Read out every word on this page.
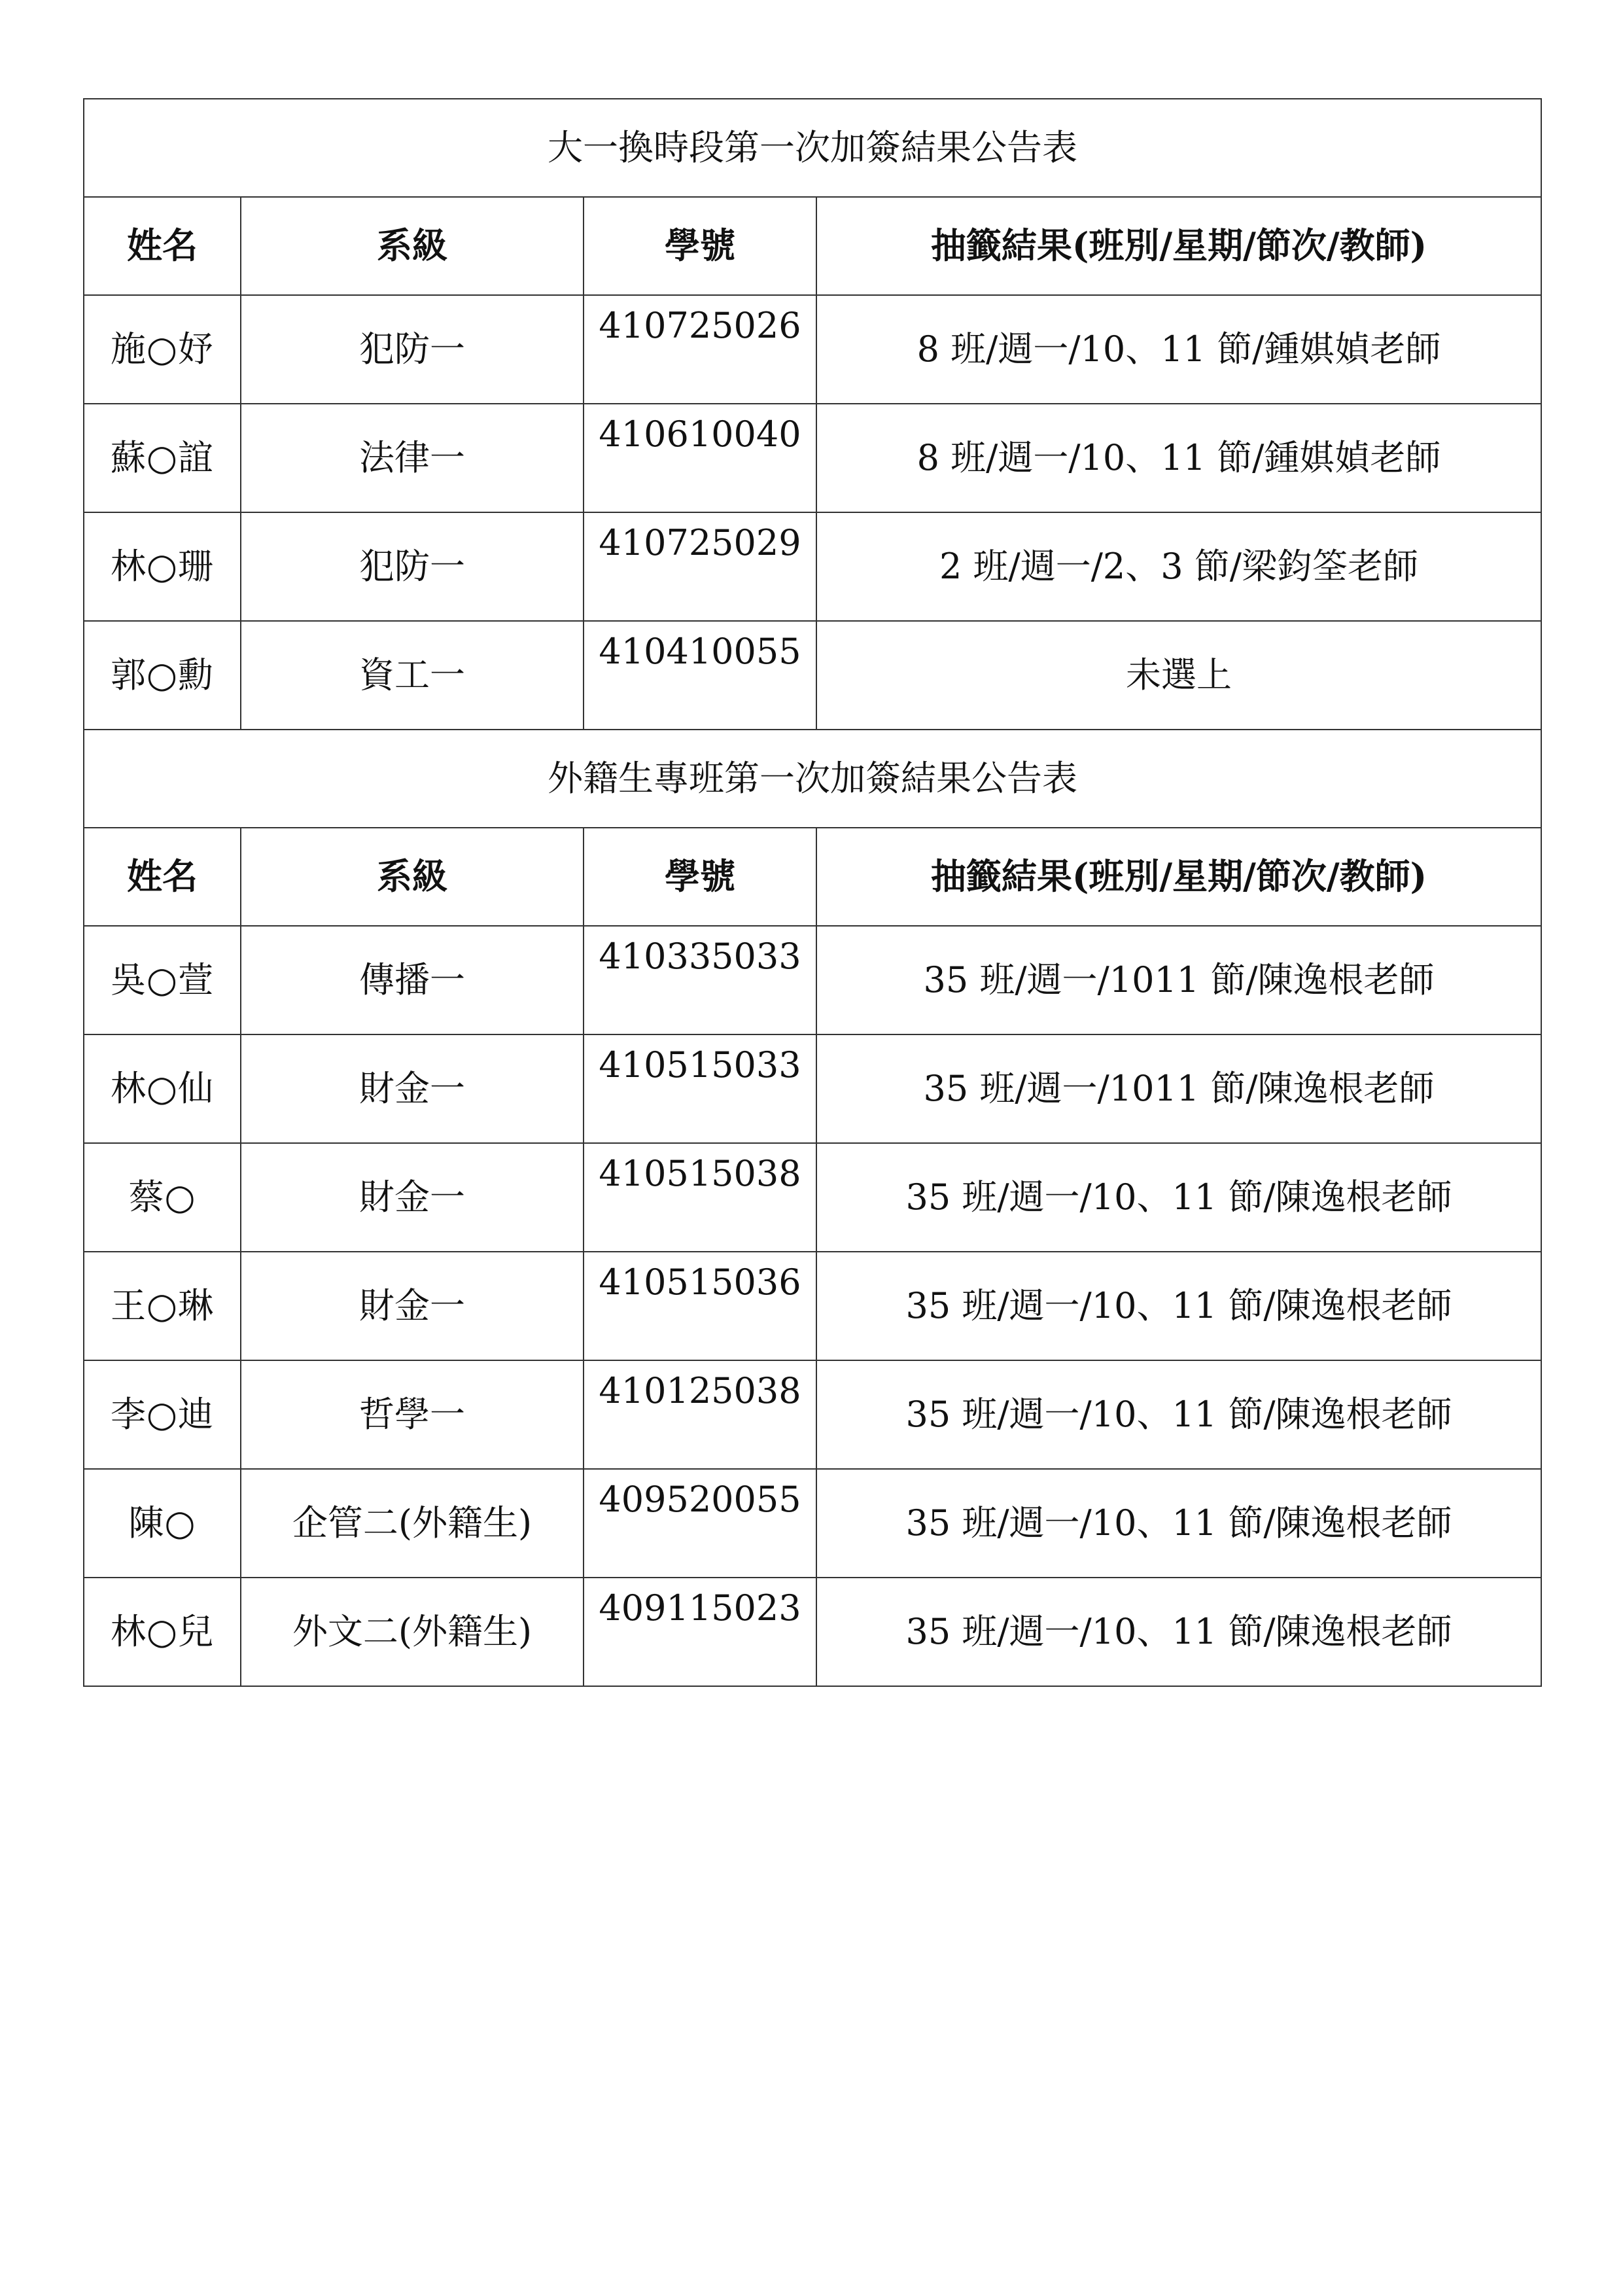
大一換時段第一次加簽結果公告表			
姓名	系級	學號	抽籤結果(班別/星期/節次/教師)
施○妤	犯防一	410725026	8 班/週一/10、11 節/鍾娸媜老師
蘇○誼	法律一	410610040	8 班/週一/10、11 節/鍾娸媜老師
林○珊	犯防一	410725029	2 班/週一/2、3 節/梁鈞筌老師
郭○勳	資工一	410410055	未選上
外籍生專班第一次加簽結果公告表			
姓名	系級	學號	抽籤結果(班別/星期/節次/教師)
吳○萱	傳播一	410335033	35 班/週一/1011 節/陳逸根老師
林○仙	財金一	410515033	35 班/週一/1011 節/陳逸根老師
蔡○	財金一	410515038	35 班/週一/10、11 節/陳逸根老師
王○琳	財金一	410515036	35 班/週一/10、11 節/陳逸根老師
李○迪	哲學一	410125038	35 班/週一/10、11 節/陳逸根老師
陳○	企管二(外籍生)	409520055	35 班/週一/10、11 節/陳逸根老師
林○兒	外文二(外籍生)	409115023	35 班/週一/10、11 節/陳逸根老師
